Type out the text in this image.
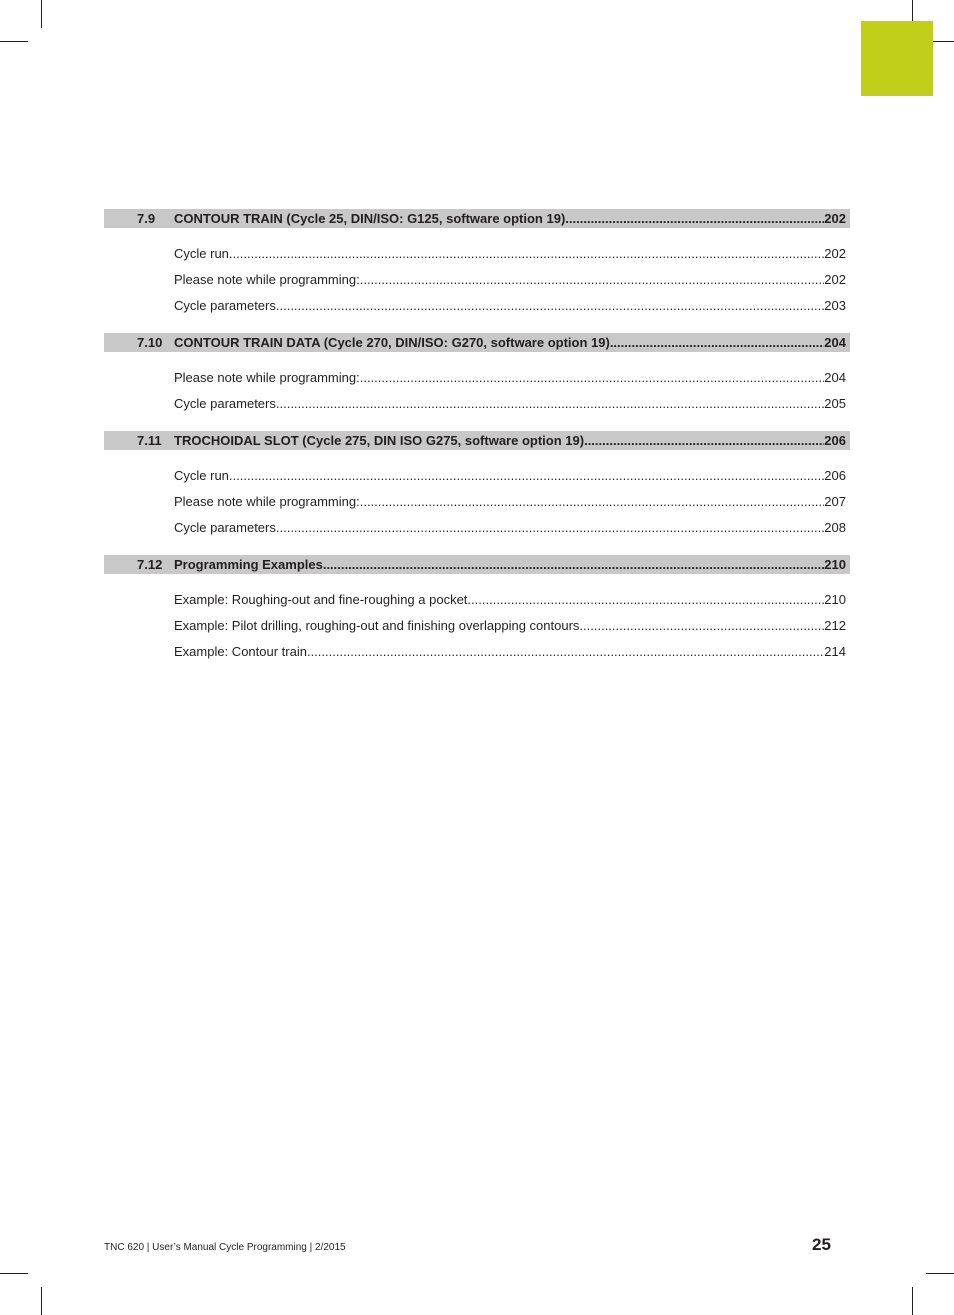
7.9 CONTOUR TRAIN (Cycle 25, DIN/ISO: G125, software option 19) .....	202
Cycle run .....	202
Please note while programming: .....	202
Cycle parameters .....	203
7.10 CONTOUR TRAIN DATA (Cycle 270, DIN/ISO: G270, software option 19) .....	204
Please note while programming: .....	204
Cycle parameters .....	205
7.11 TROCHOIDAL SLOT (Cycle 275, DIN ISO G275, software option 19) .....	206
Cycle run .....	206
Please note while programming: .....	207
Cycle parameters .....	208
7.12 Programming Examples .....	210
Example: Roughing-out and fine-roughing a pocket .....	210
Example: Pilot drilling, roughing-out and finishing overlapping contours .....	212
Example: Contour train .....	214
TNC 620 | User’s Manual Cycle Programming | 2/2015	25
